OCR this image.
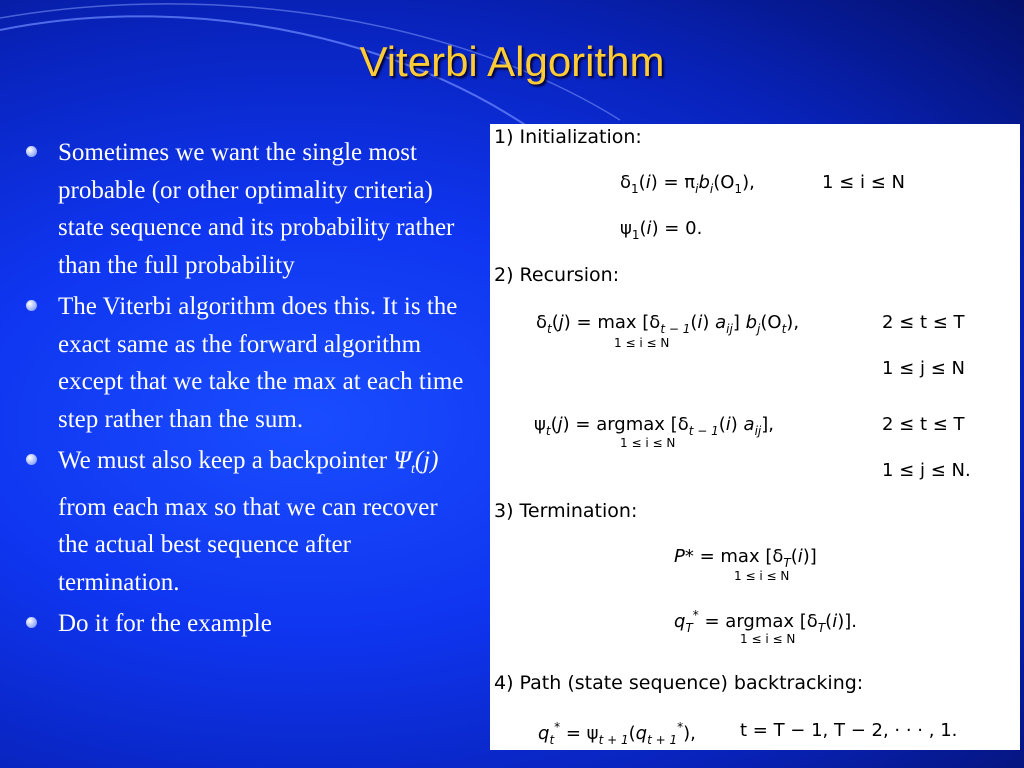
Viterbi Algorithm
Sometimes we want the single most probable (or other optimality criteria) state sequence and its probability rather than the full probability
The Viterbi algorithm does this. It is the exact same as the forward algorithm except that we take the max at each time step rather than the sum.
We must also keep a backpointer $\Psi_t(j)$ from each max so that we can recover the actual best sequence after termination.
Do it for the example
1) Initialization:
$\delta_1(i) = \pi_ib_i(O_1)$,	1 ≤ i ≤ N
$\psi_1(i) = 0$.
2) Recursion:
$\delta_t(j) = \max [\delta_{t - 1}(i)$ $a_{ij}$] $b_j(O_t)$,
1 ≤ i ≤ N
2 ≤ t ≤ T
1 ≤ j ≤ N
$\psi_t(j) = argmax$ [$\delta_{t - 1}(i)$ $a_{ij}$],
1 ≤ i ≤ N
2 ≤ t ≤ T
1 ≤ j ≤ N.
3) Termination:
$P* = \max [\delta_T(i)]$
1 ≤ i ≤ N
$q_T^* = argmax$ $[\delta_T(i)]$.
1 ≤ i ≤ N
4) Path (state sequence) backtracking:
$q_t^* = \psi_{t + 1}(q_{t + 1}^*)$, t = T − 1, T − 2, · · · , 1.
